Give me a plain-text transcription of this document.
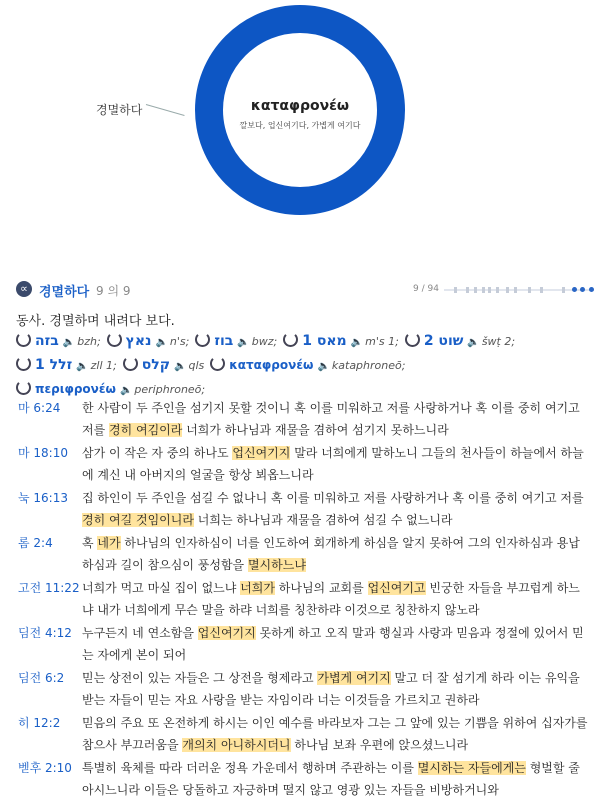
경멸하다	καταφρονέω
깔보다, 업신여기다, 가볍게 여기다
∝ 경멸하다 9 의 9	9 / 94
동사. 경멸하며 내려다 보다.
בזה 🔈 bzh; נאץ 🔈 n's; בוז 🔈 bwz; מאס 1 🔈 m's 1; שוט 2 🔈 šwṭ 2;זלל 1 🔈 zll 1; קלס 🔈 qls καταφρονέω 🔈 kataphroneō;περιφρονέω 🔈 periphroneō;
마 6:24 한 사람이 두 주인을 섬기지 못할 것이니 혹 이를 미워하고 저를 사랑하거나 혹 이를 중히 여기고 저를 경히 여김이라 너희가 하나님과 재물을 겸하여 섬기지 못하느니라
마 18:10 삼가 이 작은 자 중의 하나도 업신여기지 말라 너희에게 말하노니 그들의 천사들이 하늘에서 하늘에 계신 내 아버지의 얼굴을 항상 뵈옵느니라
눅 16:13 집 하인이 두 주인을 섬길 수 없나니 혹 이를 미워하고 저를 사랑하거나 혹 이를 중히 여기고 저를 경히 여길 것임이니라 너희는 하나님과 재물을 겸하여 섬길 수 없느니라
롬 2:4 혹 네가 하나님의 인자하심이 너를 인도하여 회개하게 하심을 알지 못하여 그의 인자하심과 용납하심과 길이 참으심이 풍성함을 멸시하느냐
고전 11:22 너희가 먹고 마실 집이 없느냐 너희가 하나님의 교회를 업신여기고 빈궁한 자들을 부끄럽게 하느냐 내가 너희에게 무슨 말을 하랴 너희를 칭찬하랴 이것으로 칭찬하지 않노라
딤전 4:12 누구든지 네 연소함을 업신여기지 못하게 하고 오직 말과 행실과 사랑과 믿음과 정절에 있어서 믿는 자에게 본이 되어
딤전 6:2 믿는 상전이 있는 자들은 그 상전을 형제라고 가볍게 여기지 말고 더 잘 섬기게 하라 이는 유익을 받는 자들이 믿는 자요 사랑을 받는 자임이라 너는 이것들을 가르치고 권하라
히 12:2 믿음의 주요 또 온전하게 하시는 이인 예수를 바라보자 그는 그 앞에 있는 기쁨을 위하여 십자가를 참으사 부끄러움을 개의치 아니하시더니 하나님 보좌 우편에 앉으셨느니라
벧후 2:10 특별히 육체를 따라 더러운 정욕 가운데서 행하며 주관하는 이를 멸시하는 자들에게는 형벌할 줄 아시느니라 이들은 당돌하고 자긍하며 떨지 않고 영광 있는 자들을 비방하거니와
